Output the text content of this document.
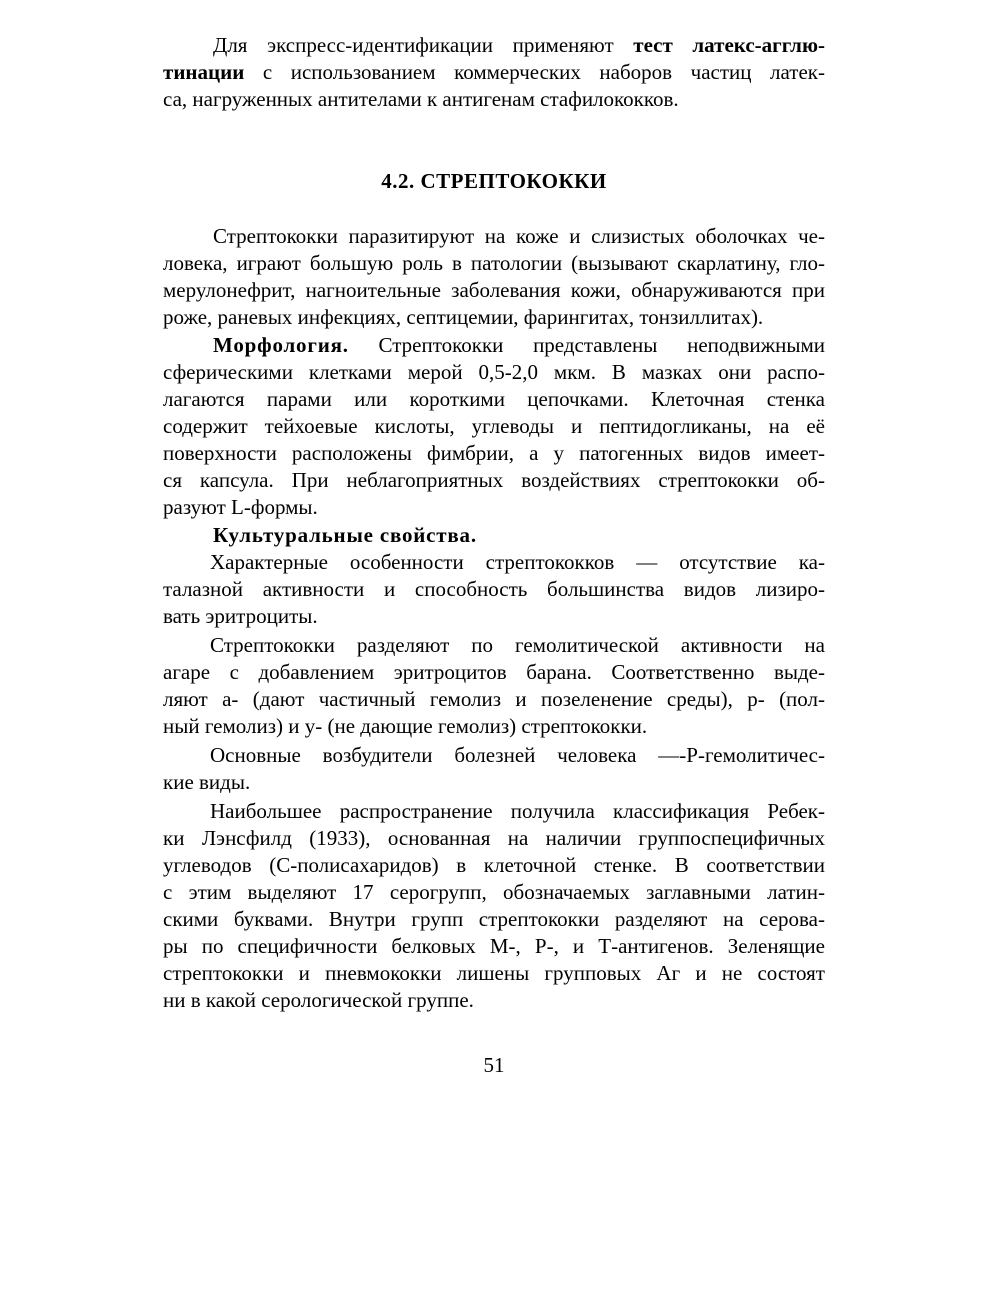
Для экспресс-идентификации применяют тест латекс-агглю-
тинации с использованием коммерческих наборов частиц латек-
са, нагруженных антителами к антигенам стафилококков.
4.2. СТРЕПТОКОККИ
Стрептококки паразитируют на коже и слизистых оболочках че-
ловека, играют большую роль в патологии (вызывают скарлатину, гло-
мерулонефрит, нагноительные заболевания кожи, обнаруживаются при
роже, раневых инфекциях, септицемии, фарингитах, тонзиллитах).
Морфология. Стрептококки представлены неподвижными
сферическими клетками мерой 0,5-2,0 мкм. В мазках они распо-
лагаются парами или короткими цепочками. Клеточная стенка
содержит тейхоевые кислоты, углеводы и пептидогликаны, на её
поверхности расположены фимбрии, а у патогенных видов имеет-
ся капсула. При неблагоприятных воздействиях стрептококки об-
разуют L-формы.
Культуральные свойства.
Характерные особенности стрептококков — отсутствие ка-
талазной активности и способность большинства видов лизиро-
вать эритроциты.
Стрептококки разделяют по гемолитической активности на
агаре с добавлением эритроцитов барана. Соответственно выде-
ляют а- (дают частичный гемолиз и позеленение среды), р- (пол-
ный гемолиз) и у- (не дающие гемолиз) стрептококки.
Основные возбудители болезней человека —-Р-гемолитичес-
кие виды.
Наибольшее распространение получила классификация Ребек-
ки Лэнсфилд (1933), основанная на наличии группоспецифичных
углеводов (С-полисахаридов) в клеточной стенке. В соответствии
с этим выделяют 17 серогрупп, обозначаемых заглавными латин-
скими буквами. Внутри групп стрептококки разделяют на серова-
ры по специфичности белковых М-, Р-, и Т-антигенов. Зеленящие
стрептококки и пневмококки лишены групповых Аг и не состоят
ни в какой серологической группе.
51
